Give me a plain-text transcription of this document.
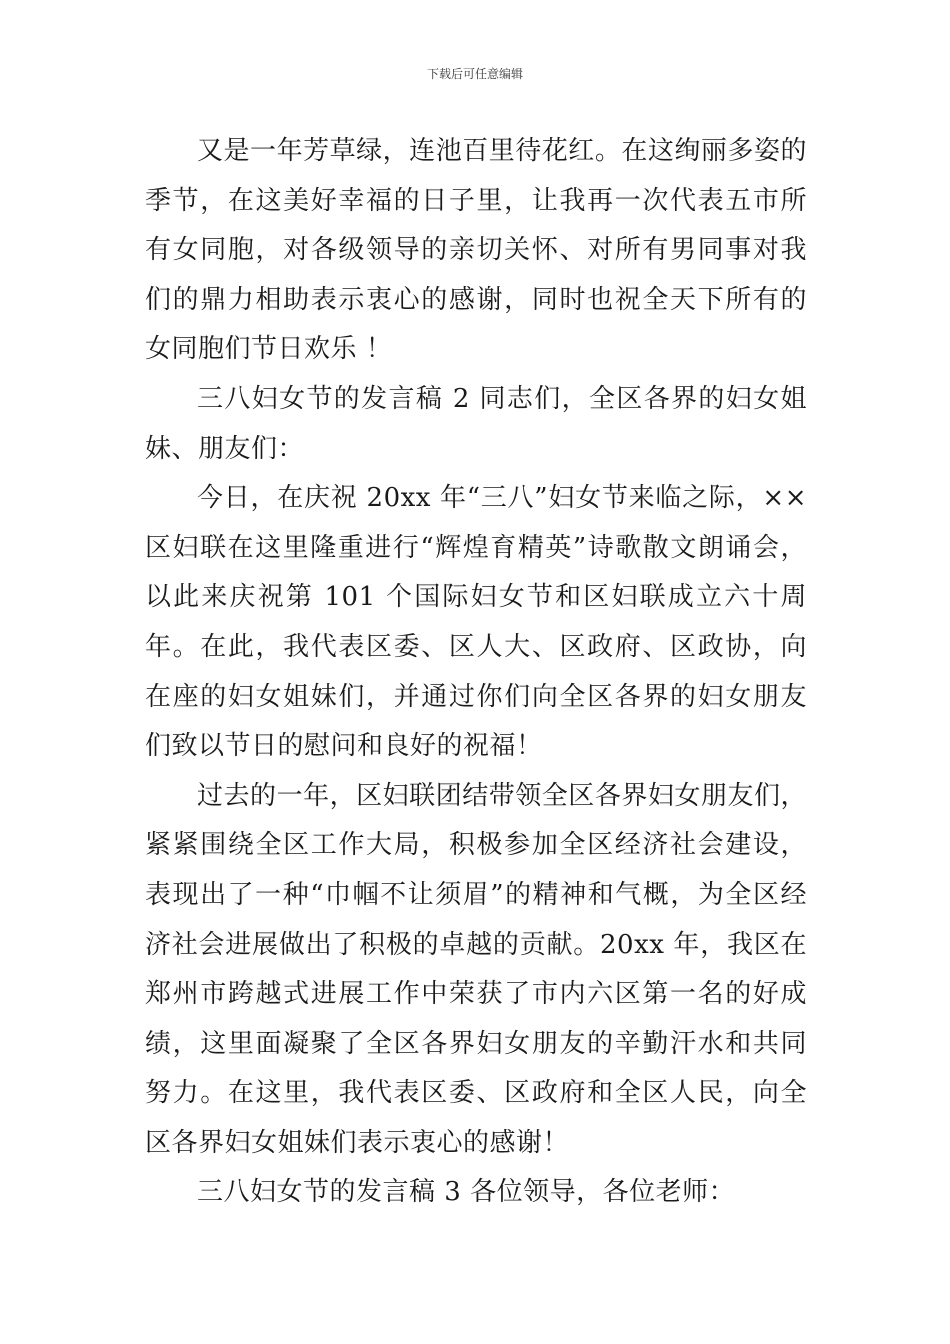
下载后可任意编辑

又是一年芳草绿，连池百里待花红。在这绚丽多姿的季节，在这美好幸福的日子里，让我再一次代表五市所有女同胞，对各级领导的亲切关怀、对所有男同事对我们的鼎力相助表示衷心的感谢，同时也祝全天下所有的女同胞们节日欢乐 ！

三八妇女节的发言稿 2 同志们，全区各界的妇女姐妹、朋友们：

今日，在庆祝 20xx 年“三八”妇女节来临之际，××区妇联在这里隆重进行“辉煌育精英”诗歌散文朗诵会，以此来庆祝第 101 个国际妇女节和区妇联成立六十周年。在此，我代表区委、区人大、区政府、区政协，向在座的妇女姐妹们，并通过你们向全区各界的妇女朋友们致以节日的慰问和良好的祝福！

过去的一年，区妇联团结带领全区各界妇女朋友们，紧紧围绕全区工作大局，积极参加全区经济社会建设，表现出了一种“巾帼不让须眉”的精神和气概，为全区经济社会进展做出了积极的卓越的贡献。20xx 年，我区在郑州市跨越式进展工作中荣获了市内六区第一名的好成绩，这里面凝聚了全区各界妇女朋友的辛勤汗水和共同努力。在这里，我代表区委、区政府和全区人民，向全区各界妇女姐妹们表示衷心的感谢！

三八妇女节的发言稿 3 各位领导，各位老师：
